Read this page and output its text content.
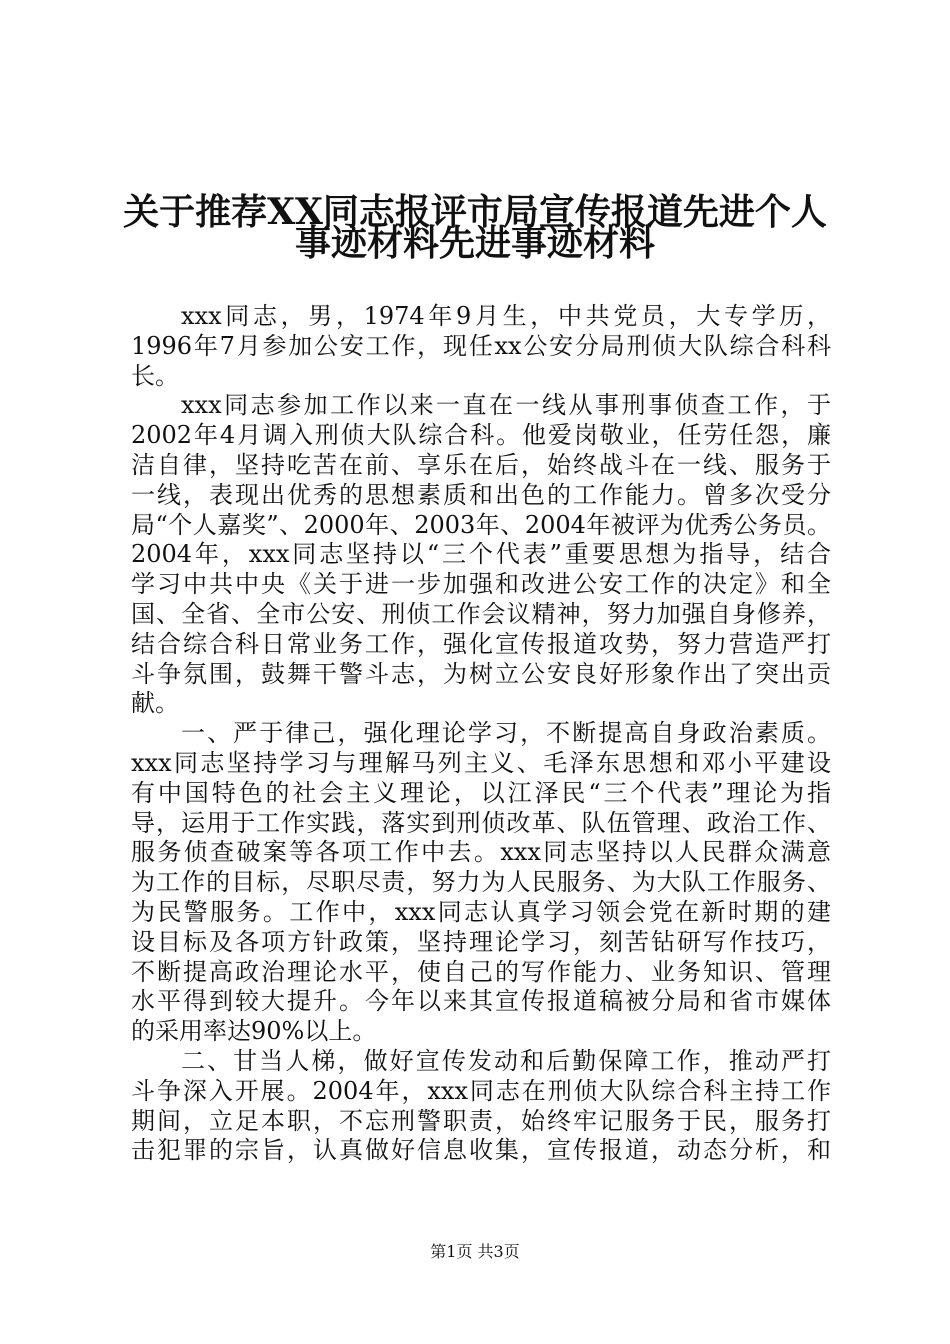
关于推荐XX同志报评市局宣传报道先进个人
事迹材料先进事迹材料
xxx同志，男，1974年9月生，中共党员，大专学历，
1996年7月参加公安工作，现任xx公安分局刑侦大队综合科科
长。
xxx同志参加工作以来一直在一线从事刑事侦查工作，于
2002年4月调入刑侦大队综合科。他爱岗敬业，任劳任怨，廉
洁自律，坚持吃苦在前、享乐在后，始终战斗在一线、服务于
一线，表现出优秀的思想素质和出色的工作能力。曾多次受分
局“个人嘉奖”、2000年、2003年、2004年被评为优秀公务员。
2004年，xxx同志坚持以“三个代表”重要思想为指导，结合
学习中共中央《关于进一步加强和改进公安工作的决定》和全
国、全省、全市公安、刑侦工作会议精神，努力加强自身修养，
结合综合科日常业务工作，强化宣传报道攻势，努力营造严打
斗争氛围，鼓舞干警斗志，为树立公安良好形象作出了突出贡
献。
一、严于律己，强化理论学习，不断提高自身政治素质。
xxx同志坚持学习与理解马列主义、毛泽东思想和邓小平建设
有中国特色的社会主义理论，以江泽民“三个代表”理论为指
导，运用于工作实践，落实到刑侦改革、队伍管理、政治工作、
服务侦查破案等各项工作中去。xxx同志坚持以人民群众满意
为工作的目标，尽职尽责，努力为人民服务、为大队工作服务、
为民警服务。工作中，xxx同志认真学习领会党在新时期的建
设目标及各项方针政策，坚持理论学习，刻苦钻研写作技巧，
不断提高政治理论水平，使自己的写作能力、业务知识、管理
水平得到较大提升。今年以来其宣传报道稿被分局和省市媒体
的采用率达90%以上。
二、甘当人梯，做好宣传发动和后勤保障工作，推动严打
斗争深入开展。2004年，xxx同志在刑侦大队综合科主持工作
期间，立足本职，不忘刑警职责，始终牢记服务于民，服务打
击犯罪的宗旨，认真做好信息收集，宣传报道，动态分析，和
第1页 共3页
